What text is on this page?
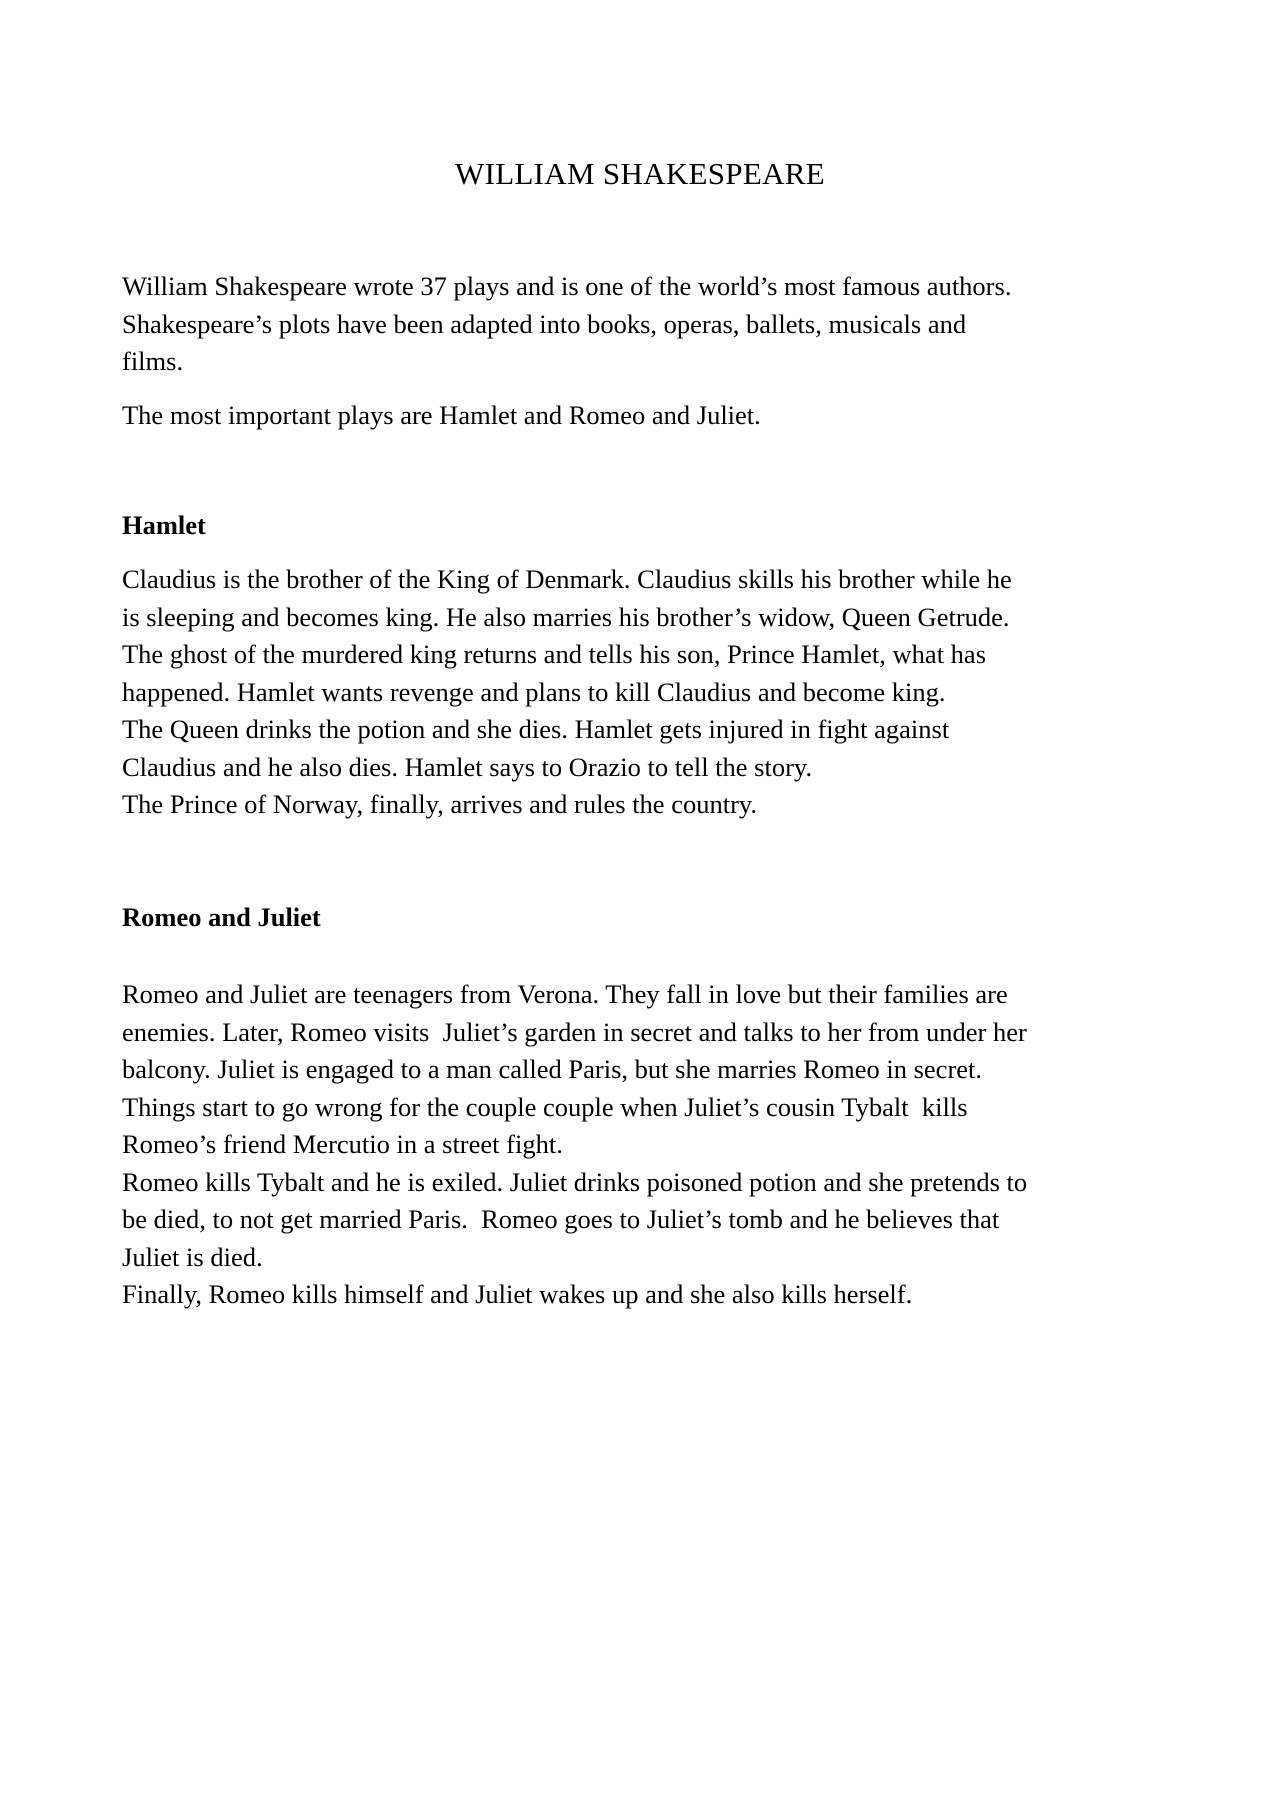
WILLIAM SHAKESPEARE

William Shakespeare wrote 37 plays and is one of the world’s most famous authors.
Shakespeare’s plots have been adapted into books, operas, ballets, musicals and
films.

The most important plays are Hamlet and Romeo and Juliet.

Hamlet

Claudius is the brother of the King of Denmark. Claudius skills his brother while he
is sleeping and becomes king. He also marries his brother’s widow, Queen Getrude.
The ghost of the murdered king returns and tells his son, Prince Hamlet, what has
happened. Hamlet wants revenge and plans to kill Claudius and become king.
The Queen drinks the potion and she dies. Hamlet gets injured in fight against
Claudius and he also dies. Hamlet says to Orazio to tell the story.
The Prince of Norway, finally, arrives and rules the country.

Romeo and Juliet

Romeo and Juliet are teenagers from Verona. They fall in love but their families are
enemies. Later, Romeo visits  Juliet’s garden in secret and talks to her from under her
balcony. Juliet is engaged to a man called Paris, but she marries Romeo in secret.
Things start to go wrong for the couple couple when Juliet’s cousin Tybalt  kills
Romeo’s friend Mercutio in a street fight.
Romeo kills Tybalt and he is exiled. Juliet drinks poisoned potion and she pretends to
be died, to not get married Paris.  Romeo goes to Juliet’s tomb and he believes that
Juliet is died.
Finally, Romeo kills himself and Juliet wakes up and she also kills herself.
